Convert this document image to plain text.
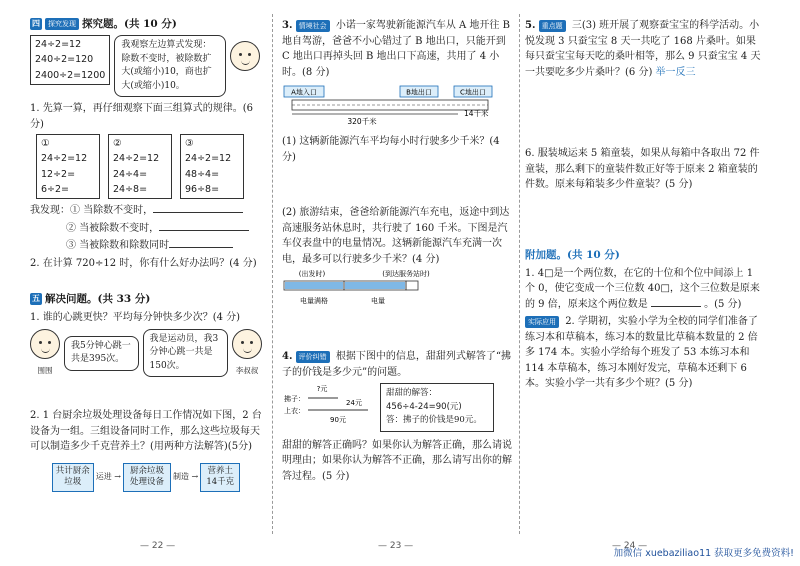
四	探究发现 探究题。(共 10 分)
24÷2=12
240÷2=120
2400÷2=1200
我观察左边算式发现：除数不变时，被除数扩大(或缩小)10，商也扩大(或缩小)10。
1. 先算一算，再仔细观察下面三组算式的规律。(6 分)
① 24÷2=12
12÷2=
6÷2=
② 24÷2=12
24÷4=
24÷8=
③ 24÷2=12
48÷4=
96÷8=
我发现：① 当除数不变时，
② 当被除数不变时，
③ 当被除数和除数同时
2. 在计算 720÷12 时，你有什么好办法吗？(4 分)
五 解决问题。(共 33 分)
1. 谁的心跳更快？平均每分钟快多少次？(4 分)
围围
我5分钟心跳一共是395次。
我是运动员，我3分钟心跳一共是150次。	李叔叔
2. 1 台厨余垃圾处理设备每日工作情况如下图，2 台设备为一组。三组设备同时工作，那么这些垃圾每天可以制造多少千克营养土？(用两种方法解答)(5分)
共计厨余垃圾
运进 →
厨余垃圾处理设备
制造 →
营养土14千克
— 22 —
3. 情境社会 小诺一家驾驶新能源汽车从 A 地开往 B 地自驾游，爸爸不小心错过了 B 地出口，只能开到 C 地出口再掉头回 B 地出口下高速，共用了 4 小时。(8 分)
A地入口	B地出口	C地出口
320千米
14千米
(1) 这辆新能源汽车平均每小时行驶多少千米？(4 分)
(2) 旅游结束，爸爸给新能源汽车充电，返途中到达高速服务站休息时，共行驶了 160 千米。下图是汽车仪表盘中的电量情况。这辆新能源汽车充满一次电，最多可以行驶多少千米？(4 分)
(出发时)	(到达服务站时)
电量满格	电量
4. 评价纠错 根据下图中的信息，甜甜列式解答了“拂子的价钱是多少元”的问题。
?元
拂子：
上衣：
24元
90元
甜甜的解答：
456÷4-24=90(元)
答：拂子的价钱是90元。
甜甜的解答正确吗？如果你认为解答正确，那么请说明理由；如果你认为解答不正确，那么请写出你的解答过程。(5 分)
— 23 —
5. 重点题 三(3) 班开展了观察蚕宝宝的科学活动。小悦发现 3 只蚕宝宝 8 天一共吃了 168 片桑叶。如果每只蚕宝宝每天吃的桑叶相等，那么 9 只蚕宝宝 4 天一共要吃多少片桑叶？(6 分) 举一反三
6. 服装城运来 5 箱童装，如果从每箱中各取出 72 件童装，那么剩下的童装件数正好等于原来 2 箱童装的件数。原来每箱装多少件童装？(5 分)
附加题。(共 10 分)
1. 4□是一个两位数，在它的十位和个位中间添上 1 个 0，使它变成一个三位数 40□，这个三位数是原来的 9 倍，原来这个两位数是	。(5 分)
实际应用 2. 学期初，实验小学为全校的同学们准备了练习本和草稿本，练习本的数量比草稿本数量的 2 倍多 174 本。实验小学给每个班发了 53 本练习本和 114 本草稿本，练习本刚好发完，草稿本还剩下 6 本。实验小学一共有多少个班？(5 分)
— 24 —
加微信 xuebaziliao11 获取更多免费资料!
